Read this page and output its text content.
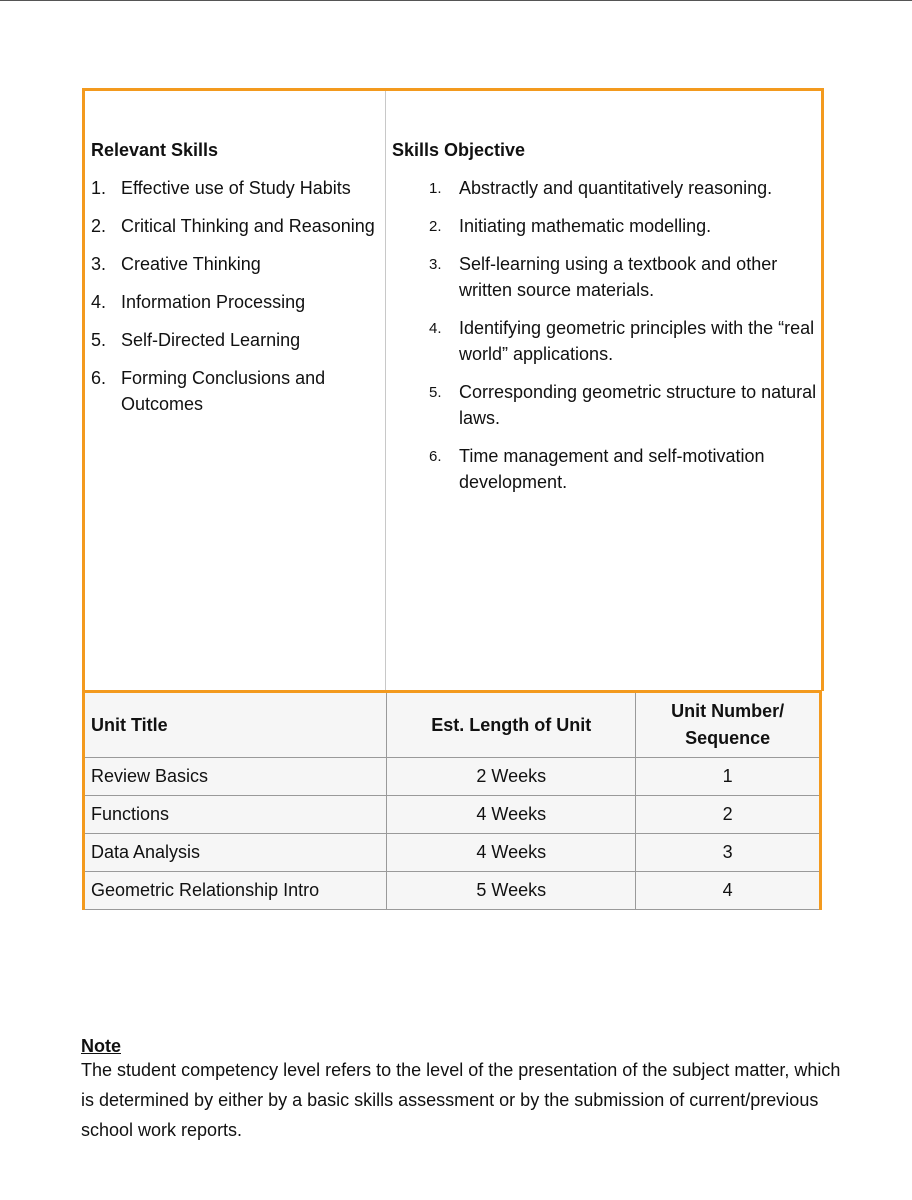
Relevant Skills
1. Effective use of Study Habits
2. Critical Thinking and Reasoning
3. Creative Thinking
4. Information Processing
5. Self-Directed Learning
6. Forming Conclusions and Outcomes
Skills Objective
1. Abstractly and quantitatively reasoning.
2. Initiating mathematic modelling.
3. Self-learning using a textbook and other written source materials.
4. Identifying geometric principles with the “real world” applications.
5. Corresponding geometric structure to natural laws.
6. Time management and self-motivation development.
Unit Title	Est. Length of Unit	Unit Number/ Sequence
Review Basics	2 Weeks	1
Functions	4 Weeks	2
Data Analysis	4 Weeks	3
Geometric Relationship Intro	5 Weeks	4
Note
The student competency level refers to the level of the presentation of the subject matter, which is determined by either by a basic skills assessment or by the submission of current/previous school work reports.
